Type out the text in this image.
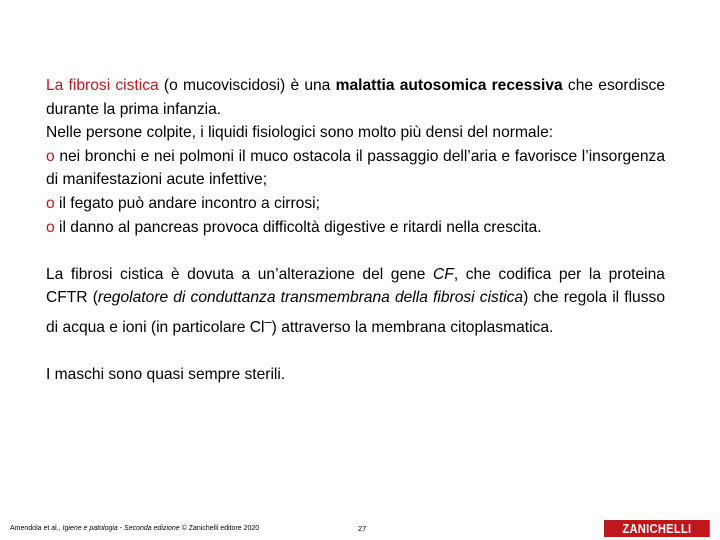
La fibrosi cistica (o mucoviscidosi) è una malattia autosomica recessiva che esordisce durante la prima infanzia.

Nelle persone colpite, i liquidi fisiologici sono molto più densi del normale:
o nei bronchi e nei polmoni il muco ostacola il passaggio dell’aria e favorisce l’insorgenza di manifestazioni acute infettive;
o il fegato può andare incontro a cirrosi;
o il danno al pancreas provoca difficoltà digestive e ritardi nella crescita.

La fibrosi cistica è dovuta a un’alterazione del gene CF, che codifica per la proteina CFTR (regolatore di conduttanza transmembrana della fibrosi cistica) che regola il flusso di acqua e ioni (in particolare Cl–) attraverso la membrana citoplasmatica.

I maschi sono quasi sempre sterili.

Amendola et al., Igiene e patologia - Seconda edizione © Zanichelli editore 2020	27	ZANICHELLI
